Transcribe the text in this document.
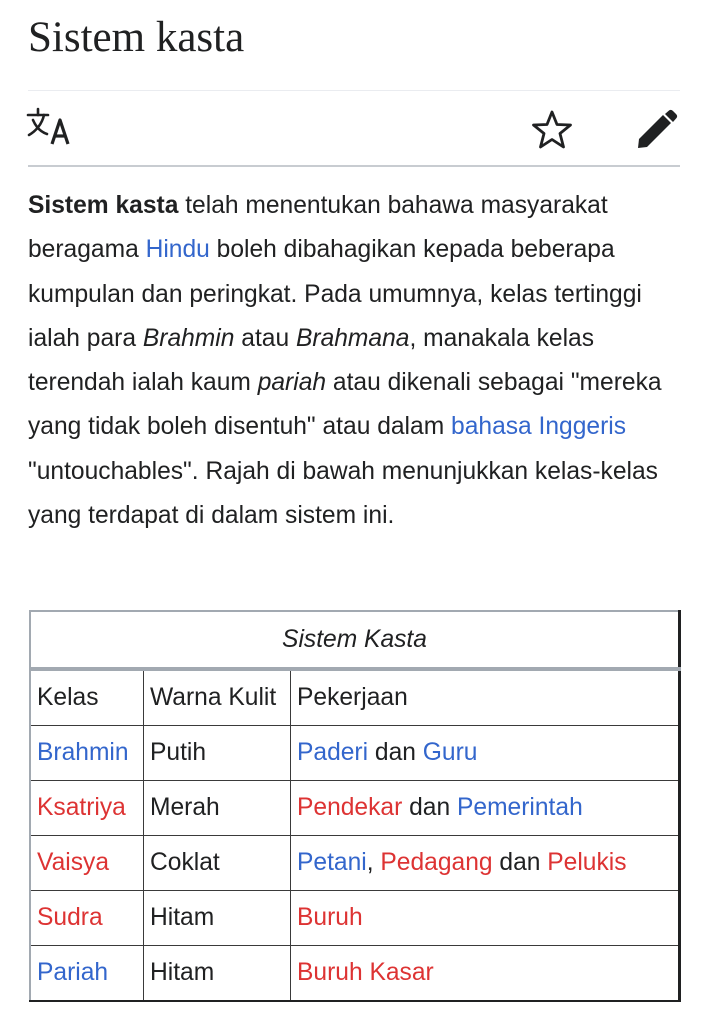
Sistem kasta

Sistem kasta telah menentukan bahawa masyarakat beragama Hindu boleh dibahagikan kepada beberapa kumpulan dan peringkat. Pada umumnya, kelas tertinggi ialah para Brahmin atau Brahmana, manakala kelas terendah ialah kaum pariah atau dikenali sebagai "mereka yang tidak boleh disentuh" atau dalam bahasa Inggeris "untouchables". Rajah di bawah menunjukkan kelas-kelas yang terdapat di dalam sistem ini.

Sistem Kasta		
Kelas	Warna Kulit	Pekerjaan
Brahmin	Putih	Paderi dan Guru
Ksatriya	Merah	Pendekar dan Pemerintah
Vaisya	Coklat	Petani, Pedagang dan Pelukis
Sudra	Hitam	Buruh
Pariah	Hitam	Buruh Kasar
